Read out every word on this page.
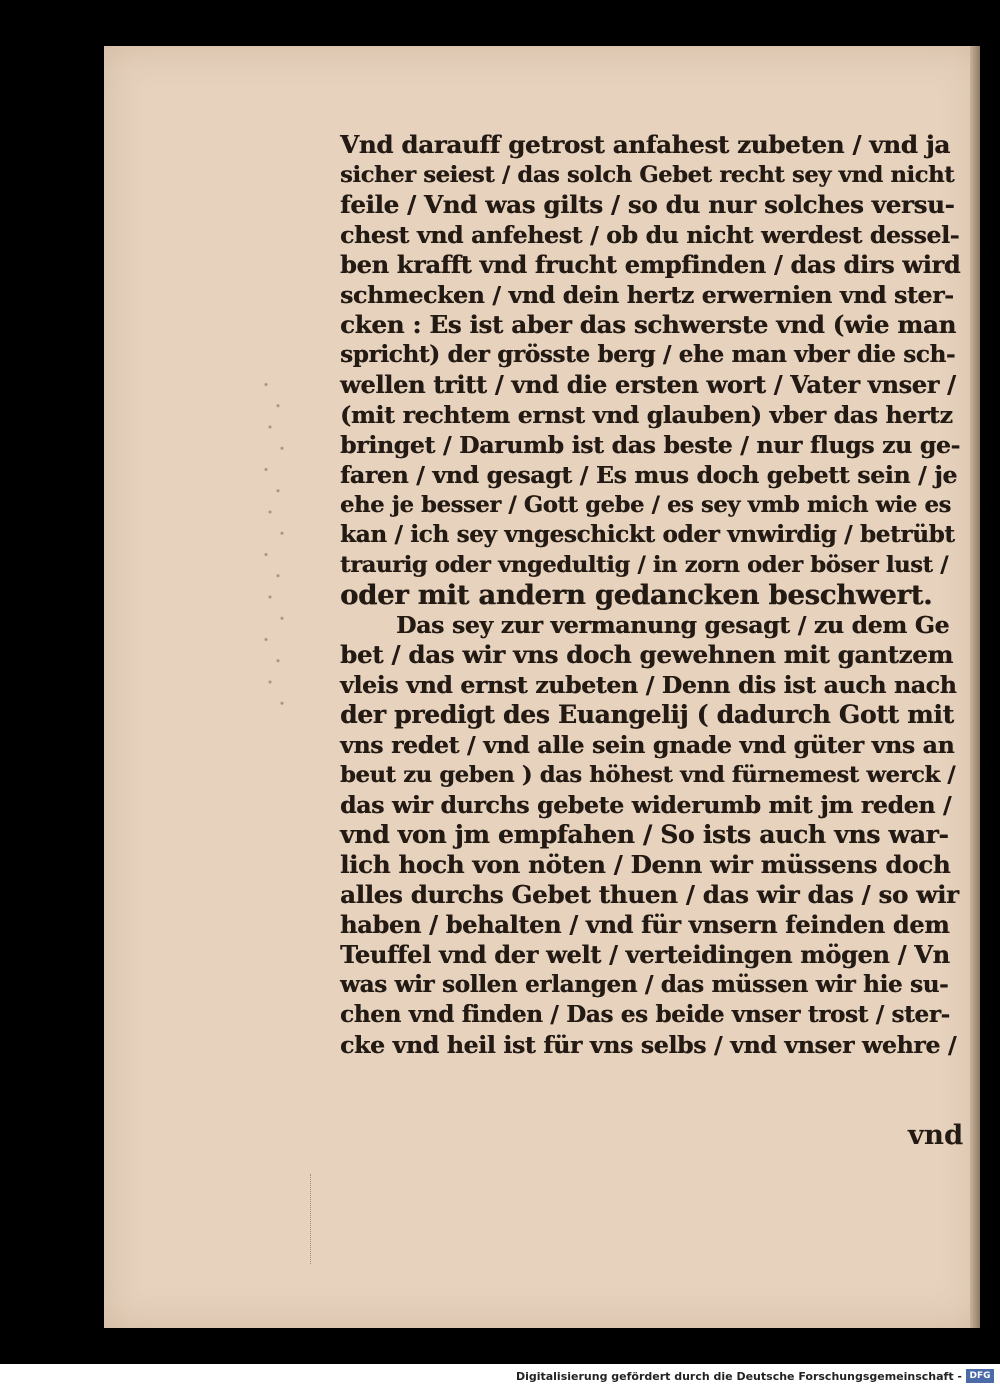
Vnd darauff getrost anfahest zubeten / vnd ja
sicher seiest / das solch Gebet recht sey vnd nicht
feile / Vnd was gilts / so du nur solches versu-
chest vnd anfehest / ob du nicht werdest dessel-
ben krafft vnd frucht empfinden / das dirs wird
schmecken / vnd dein hertz erwernien vnd ster-
cken : Es ist aber das schwerste vnd (wie man
spricht) der grösste berg / ehe man vber die sch-
wellen tritt / vnd die ersten wort / Vater vnser /
(mit rechtem ernst vnd glauben) vber das hertz
bringet / Darumb ist das beste / nur flugs zu ge-
faren / vnd gesagt / Es mus doch gebett sein / je
ehe je besser / Gott gebe / es sey vmb mich wie es
kan / ich sey vngeschickt oder vnwirdig / betrübt
traurig oder vngedultig / in zorn oder böser lust /
oder mit andern gedancken beschwert.
Das sey zur vermanung gesagt / zu dem Ge
bet / das wir vns doch gewehnen mit gantzem
vleis vnd ernst zubeten / Denn dis ist auch nach
der predigt des Euangelij ( dadurch Gott mit
vns redet / vnd alle sein gnade vnd güter vns an
beut zu geben ) das höhest vnd fürnemest werck /
das wir durchs gebete widerumb mit jm reden /
vnd von jm empfahen / So ists auch vns war-
lich hoch von nöten / Denn wir müssens doch
alles durchs Gebet thuen / das wir das / so wir
haben / behalten / vnd für vnsern feinden dem
Teuffel vnd der welt / verteidingen mögen / Vn
was wir sollen erlangen / das müssen wir hie su-
chen vnd finden / Das es beide vnser trost / ster-
cke vnd heil ist für vns selbs / vnd vnser wehre /
vnd
Digitalisierung gefördert durch die Deutsche Forschungsgemeinschaft - DFG
